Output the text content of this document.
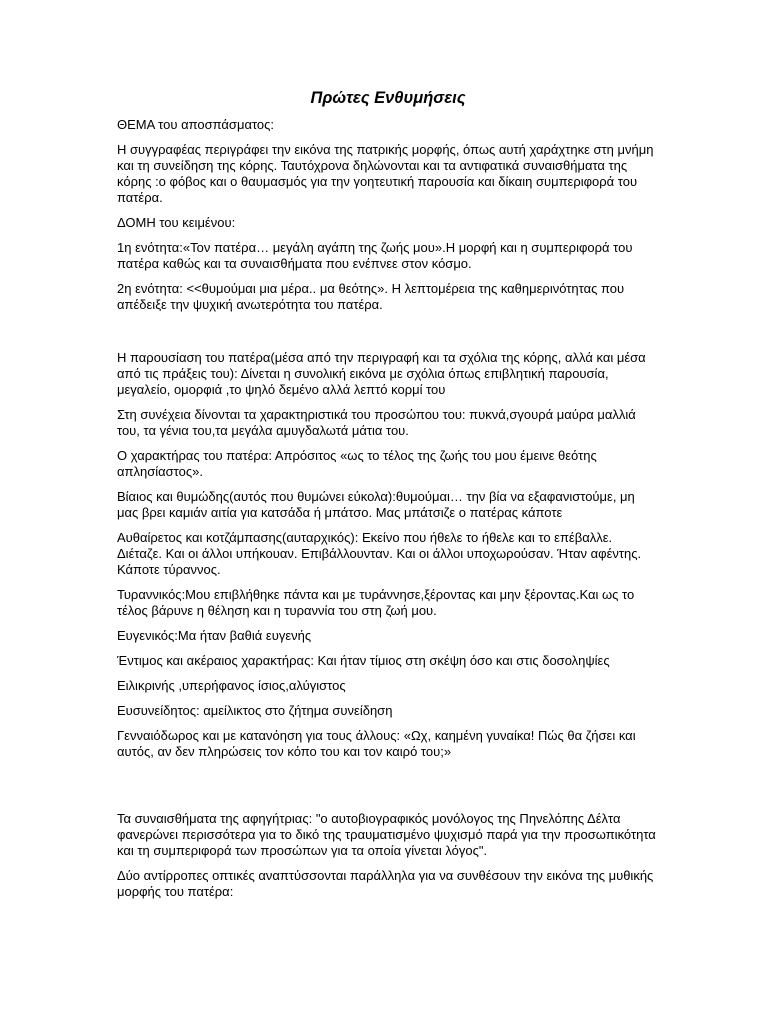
Πρώτες Ενθυμήσεις

ΘΕΜΑ του αποσπάσματος:

Η συγγραφέας περιγράφει την εικόνα της πατρικής μορφής, όπως αυτή χαράχτηκε στη μνήμη και τη συνείδηση της κόρης. Ταυτόχρονα δηλώνονται και τα αντιφατικά συναισθήματα της κόρης :ο φόβος και ο θαυμασμός για την γοητευτική παρουσία και δίκαιη συμπεριφορά του πατέρα.

ΔΟΜΗ του κειμένου:

1η ενότητα:«Τον πατέρα… μεγάλη αγάπη της ζωής μου».Η μορφή και η συμπεριφορά του πατέρα καθώς και τα συναισθήματα που ενέπνεε στον κόσμο.

2η ενότητα: <<θυμούμαι μια μέρα.. μα θεότης». Η λεπτομέρεια της καθημερινότητας που απέδειξε την ψυχική ανωτερότητα του πατέρα.

Η παρουσίαση του πατέρα(μέσα από την περιγραφή και τα σχόλια της κόρης, αλλά και μέσα από τις πράξεις του): Δίνεται η συνολική εικόνα με σχόλια όπως επιβλητική παρουσία, μεγαλείο, ομορφιά ,το ψηλό δεμένο αλλά λεπτό κορμί του

Στη συνέχεια δίνονται τα χαρακτηριστικά του προσώπου του: πυκνά,σγουρά μαύρα μαλλιά του, τα γένια του,τα μεγάλα αμυγδαλωτά μάτια του.

Ο χαρακτήρας του πατέρα: Απρόσιτος «ως το τέλος της ζωής του μου έμεινε θεότης απλησίαστος».

Βίαιος και θυμώδης(αυτός που θυμώνει εύκολα):θυμούμαι… την βία να εξαφανιστούμε, μη μας βρει καμιάν αιτία για κατσάδα ή μπάτσο. Μας μπάτσιζε ο πατέρας κάποτε

Αυθαίρετος και κοτζάμπασης(αυταρχικός): Εκείνο που ήθελε το ήθελε και το επέβαλλε. Διέταζε. Και οι άλλοι υπήκουαν. Επιβάλλουνταν. Και οι άλλοι υποχωρούσαν. Ήταν αφέντης. Κάποτε τύραννος.

Τυραννικός:Μου επιβλήθηκε πάντα και με τυράννησε,ξέροντας και μην ξέροντας.Και ως το τέλος βάρυνε η θέληση και η τυραννία του στη ζωή μου.

Ευγενικός:Μα ήταν βαθιά ευγενής

Έντιμος και ακέραιος χαρακτήρας: Και ήταν τίμιος στη σκέψη όσο και στις δοσοληψίες

Ειλικρινής ,υπερήφανος ίσιος,αλύγιστος

Ευσυνείδητος: αμείλικτος στο ζήτημα συνείδηση

Γενναιόδωρος και με κατανόηση για τους άλλους: «Ωχ, καημένη γυναίκα! Πώς θα ζήσει και αυτός, αν δεν πληρώσεις τον κόπο του και τον καιρό του;»

Τα συναισθήματα της αφηγήτριας: "ο αυτοβιογραφικός μονόλογος της Πηνελόπης Δέλτα φανερώνει περισσότερα για το δικό της τραυματισμένο ψυχισμό παρά για την προσωπικότητα και τη συμπεριφορά των προσώπων για τα οποία γίνεται λόγος".

Δύο αντίρροπες οπτικές αναπτύσσονται παράλληλα για να συνθέσουν την εικόνα της μυθικής μορφής του πατέρα:
